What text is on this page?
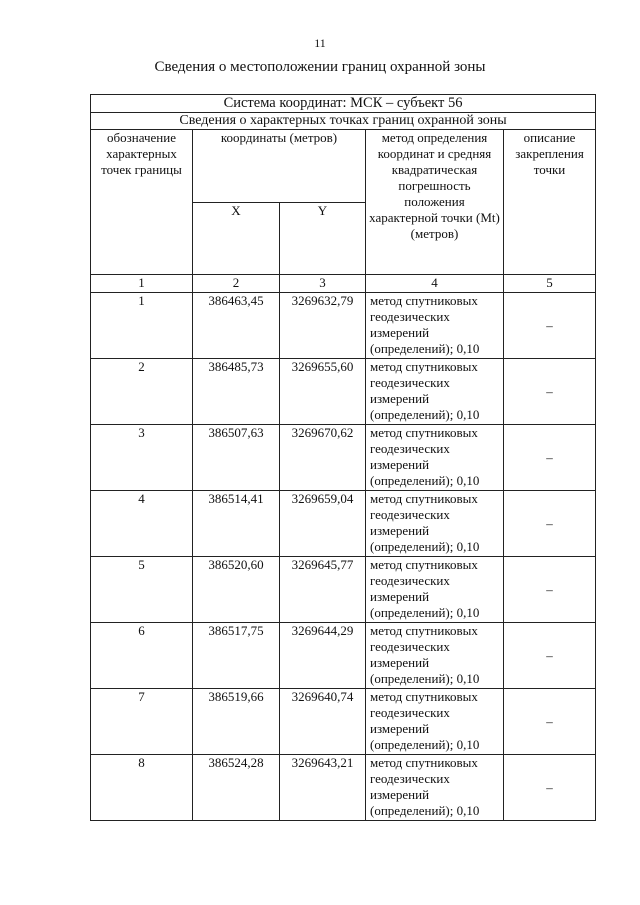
11
Сведения о местоположении границ охранной зоны
Система координат: МСК – субъект 56				
Сведения о характерных точках границ охранной зоны				
обозначение характерных точек границы	координаты (метров)		метод определения координат и средняя квадратическая погрешность положения характерной точки (Mt) (метров)	описание закрепления точки
	X	Y		
1	2	3	4	5
1	386463,45	3269632,79	метод спутниковых геодезических измерений (определений); 0,10	–
2	386485,73	3269655,60	метод спутниковых геодезических измерений (определений); 0,10	–
3	386507,63	3269670,62	метод спутниковых геодезических измерений (определений); 0,10	–
4	386514,41	3269659,04	метод спутниковых геодезических измерений (определений); 0,10	–
5	386520,60	3269645,77	метод спутниковых геодезических измерений (определений); 0,10	–
6	386517,75	3269644,29	метод спутниковых геодезических измерений (определений); 0,10	–
7	386519,66	3269640,74	метод спутниковых геодезических измерений (определений); 0,10	–
8	386524,28	3269643,21	метод спутниковых геодезических измерений (определений); 0,10	–
